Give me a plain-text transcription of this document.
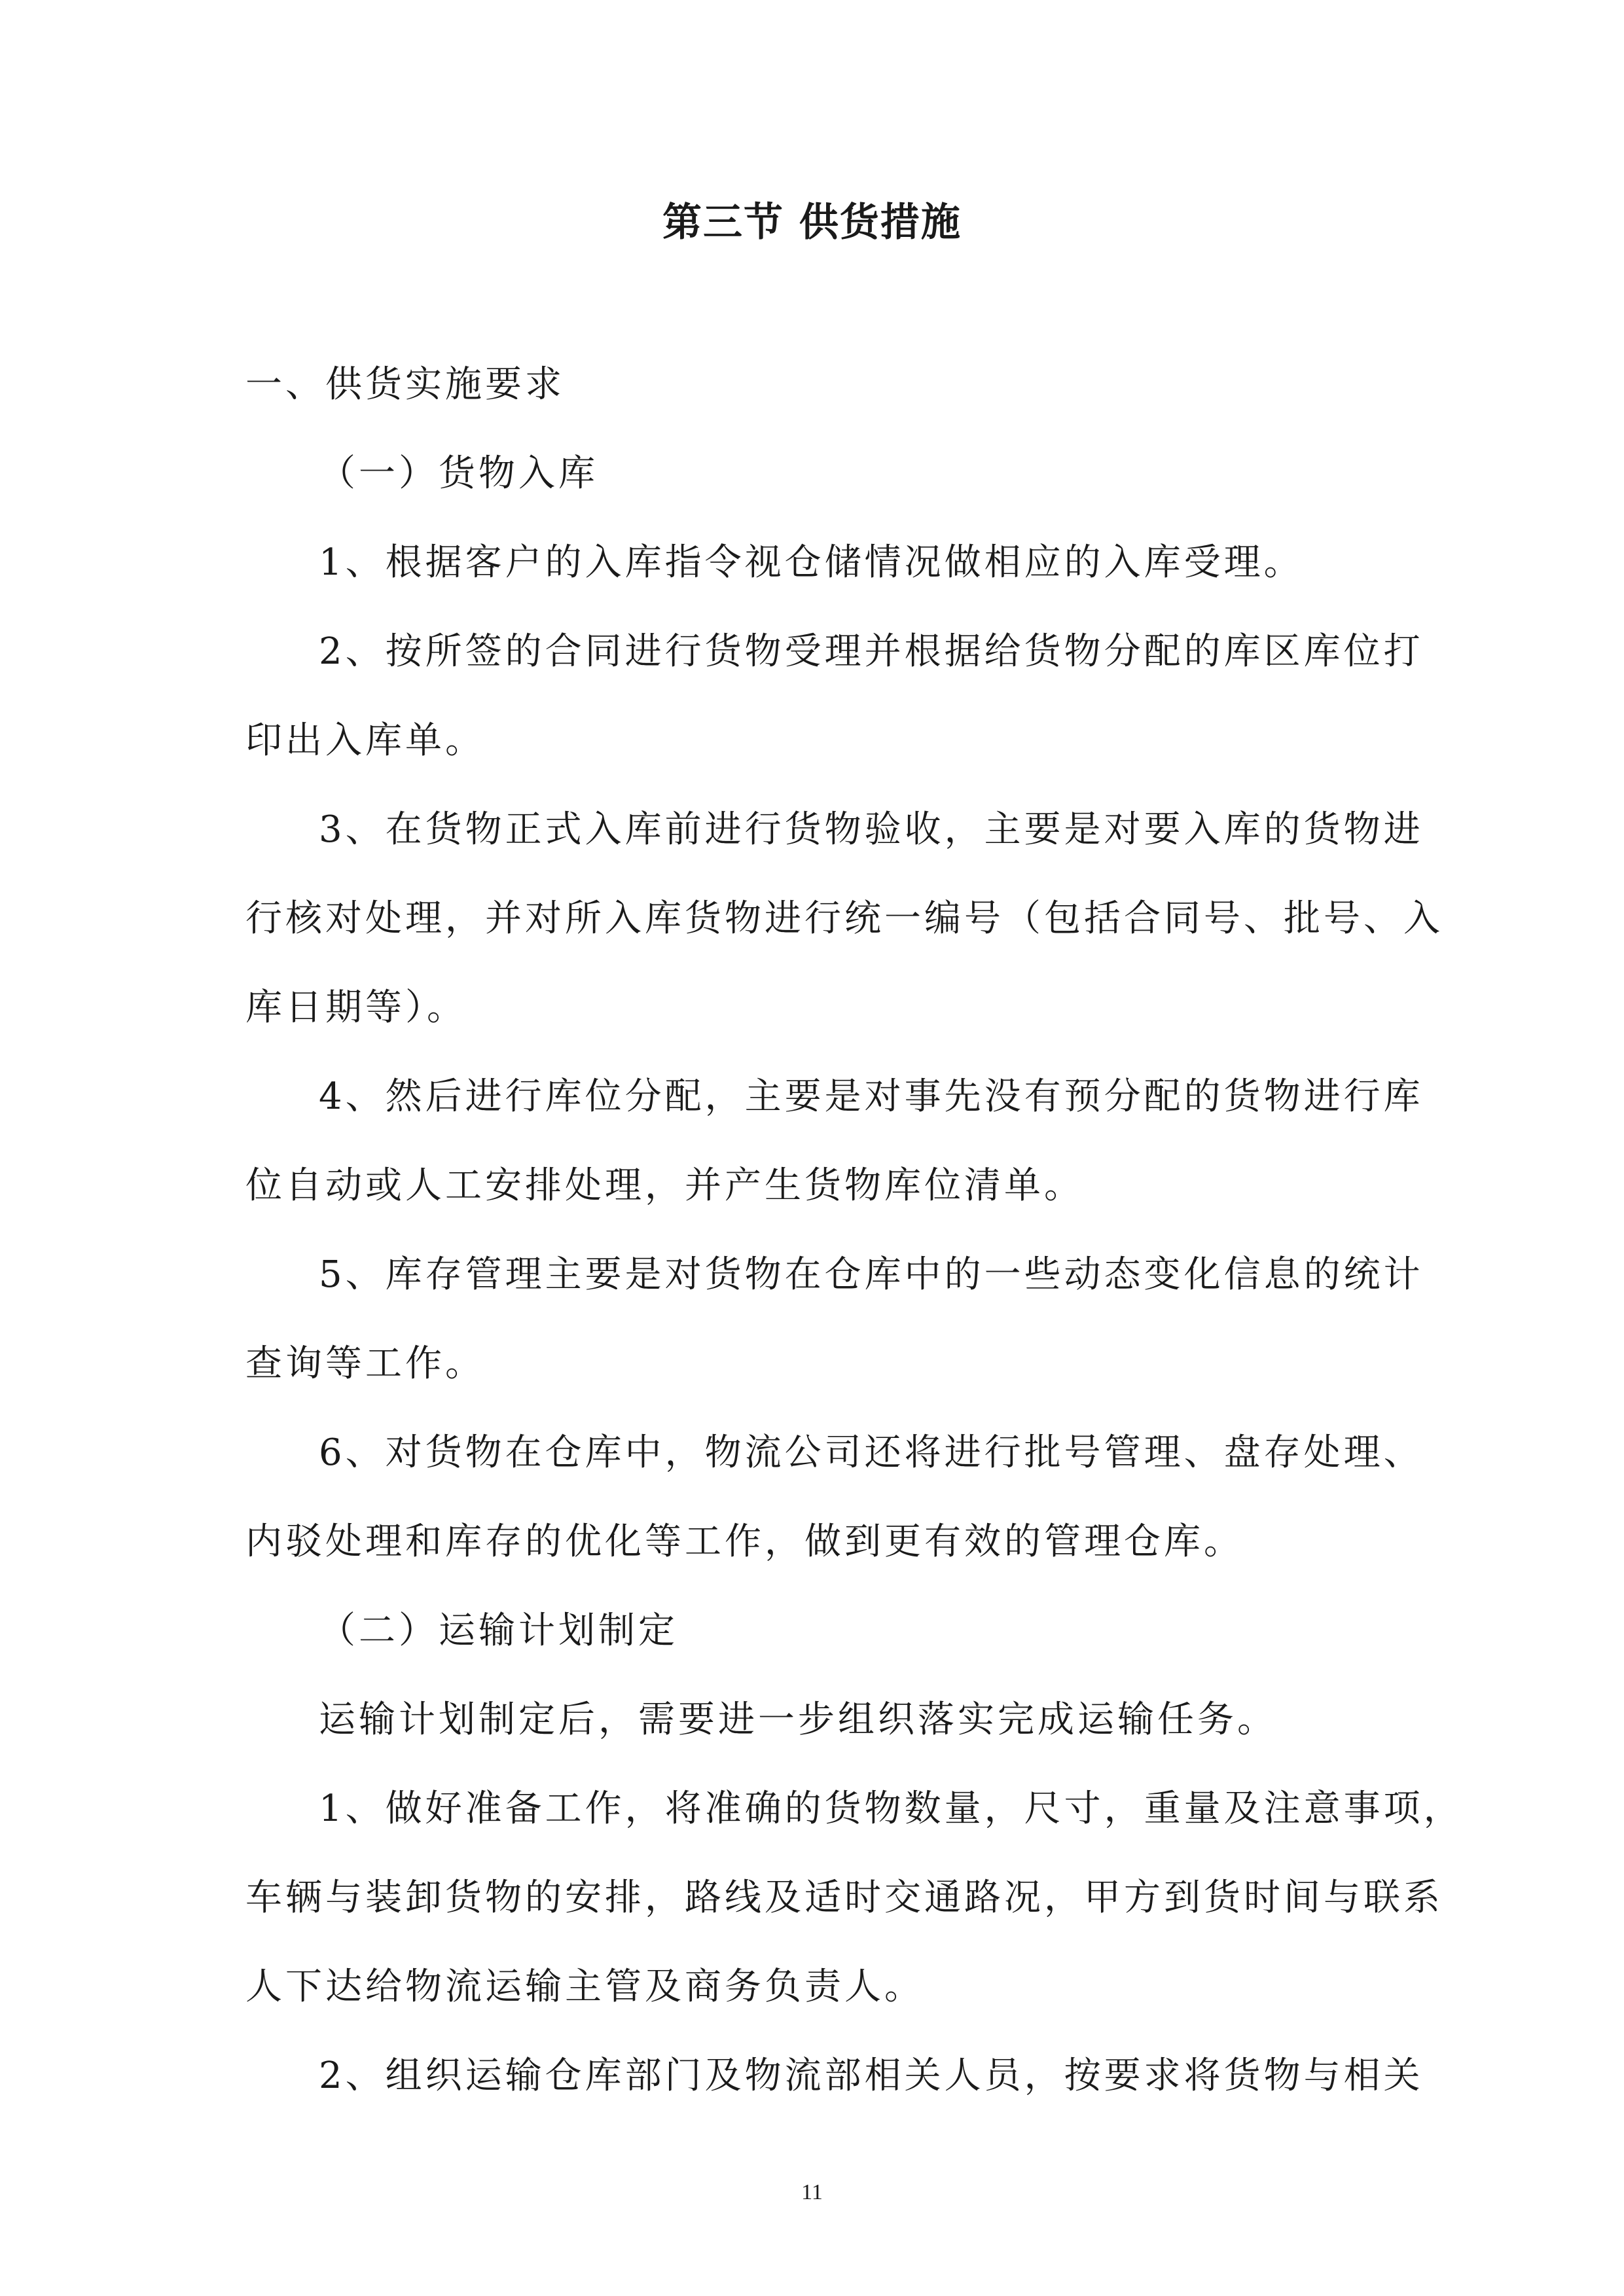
第三节 供货措施

一、供货实施要求

（一）货物入库

1、根据客户的入库指令视仓储情况做相应的入库受理。

2、按所签的合同进行货物受理并根据给货物分配的库区库位打

印出入库单。

3、在货物正式入库前进行货物验收，主要是对要入库的货物进

行核对处理，并对所入库货物进行统一编号（包括合同号、批号、入
库日期等）。

4、然后进行库位分配，主要是对事先没有预分配的货物进行库

位自动或人工安排处理，并产生货物库位清单。

5、库存管理主要是对货物在仓库中的一些动态变化信息的统计

查询等工作。

6、对货物在仓库中，物流公司还将进行批号管理、盘存处理、

内驳处理和库存的优化等工作，做到更有效的管理仓库。

（二）运输计划制定

运输计划制定后，需要进一步组织落实完成运输任务。

1、做好准备工作，将准确的货物数量，尺寸，重量及注意事项，

车辆与装卸货物的安排，路线及适时交通路况，甲方到货时间与联系
人下达给物流运输主管及商务负责人。

2、组织运输仓库部门及物流部相关人员，按要求将货物与相关

11
